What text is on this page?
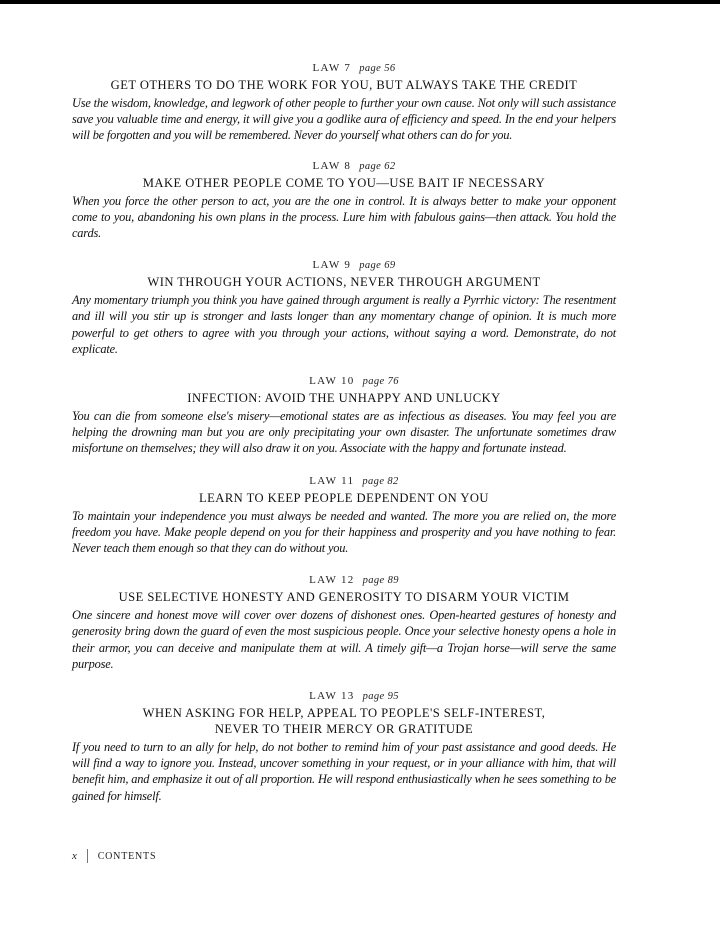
LAW 7 page 56
GET OTHERS TO DO THE WORK FOR YOU, BUT ALWAYS TAKE THE CREDIT
Use the wisdom, knowledge, and legwork of other people to further your own cause. Not only will such assistance save you valuable time and energy, it will give you a godlike aura of efficiency and speed. In the end your helpers will be forgotten and you will be remembered. Never do yourself what others can do for you.
LAW 8 page 62
MAKE OTHER PEOPLE COME TO YOU—USE BAIT IF NECESSARY
When you force the other person to act, you are the one in control. It is always better to make your opponent come to you, abandoning his own plans in the process. Lure him with fabulous gains—then attack. You hold the cards.
LAW 9 page 69
WIN THROUGH YOUR ACTIONS, NEVER THROUGH ARGUMENT
Any momentary triumph you think you have gained through argument is really a Pyrrhic victory: The resentment and ill will you stir up is stronger and lasts longer than any momentary change of opinion. It is much more powerful to get others to agree with you through your actions, without saying a word. Demonstrate, do not explicate.
LAW 10 page 76
INFECTION: AVOID THE UNHAPPY AND UNLUCKY
You can die from someone else's misery—emotional states are as infectious as diseases. You may feel you are helping the drowning man but you are only precipitating your own disaster. The unfortunate sometimes draw misfortune on themselves; they will also draw it on you. Associate with the happy and fortunate instead.
LAW 11 page 82
LEARN TO KEEP PEOPLE DEPENDENT ON YOU
To maintain your independence you must always be needed and wanted. The more you are relied on, the more freedom you have. Make people depend on you for their happiness and prosperity and you have nothing to fear. Never teach them enough so that they can do without you.
LAW 12 page 89
USE SELECTIVE HONESTY AND GENEROSITY TO DISARM YOUR VICTIM
One sincere and honest move will cover over dozens of dishonest ones. Open-hearted gestures of honesty and generosity bring down the guard of even the most suspicious people. Once your selective honesty opens a hole in their armor, you can deceive and manipulate them at will. A timely gift—a Trojan horse—will serve the same purpose.
LAW 13 page 95
WHEN ASKING FOR HELP, APPEAL TO PEOPLE'S SELF-INTEREST,
NEVER TO THEIR MERCY OR GRATITUDE
If you need to turn to an ally for help, do not bother to remind him of your past assistance and good deeds. He will find a way to ignore you. Instead, uncover something in your request, or in your alliance with him, that will benefit him, and emphasize it out of all proportion. He will respond enthusiastically when he sees something to be gained for himself.
x CONTENTS
